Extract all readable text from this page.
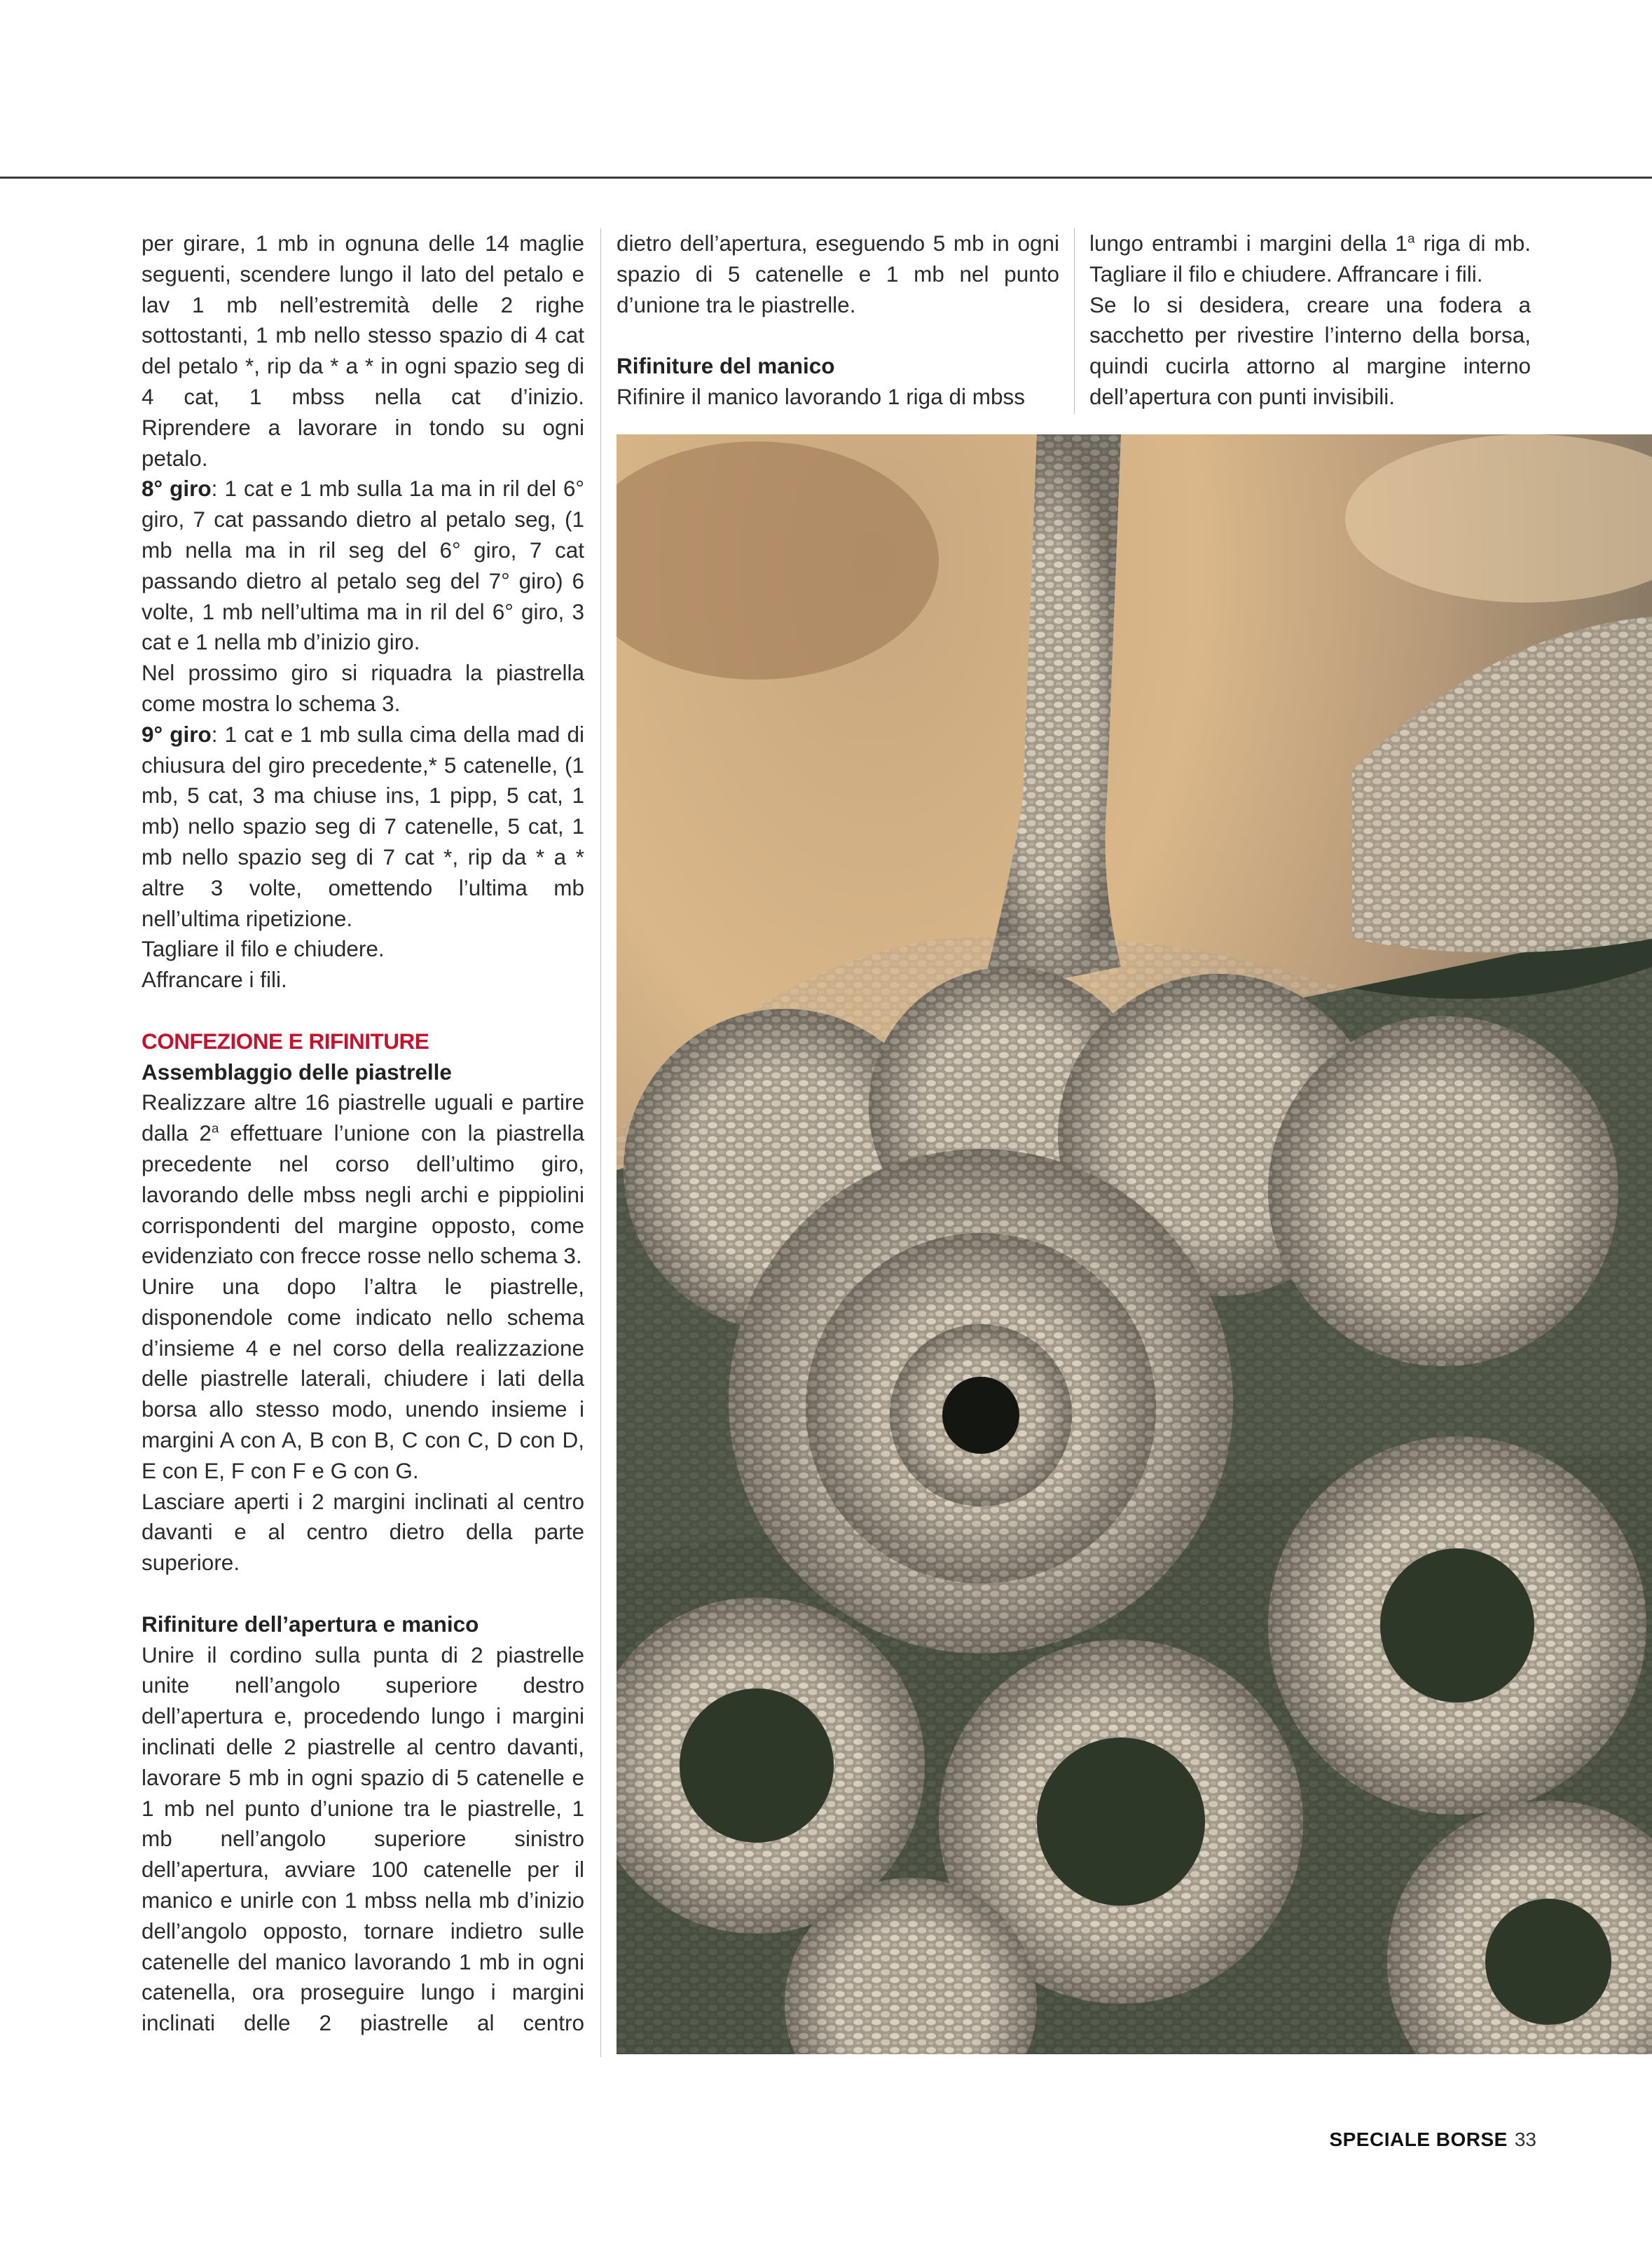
per girare, 1 mb in ognuna delle 14 maglie seguenti, scendere lungo il lato del petalo e lav 1 mb nell’estremità delle 2 righe sottostanti, 1 mb nello stesso spazio di 4 cat del petalo *, rip da * a * in ogni spazio seg di 4 cat, 1 mbss nella cat d’inizio.

Riprendere a lavorare in tondo su ogni petalo.

8° giro: 1 cat e 1 mb sulla 1a ma in ril del 6° giro, 7 cat passando dietro al petalo seg, (1 mb nella ma in ril seg del 6° giro, 7 cat passando dietro al petalo seg del 7° giro) 6 volte, 1 mb nell’ultima ma in ril del 6° giro, 3 cat e 1 nella mb d’inizio giro.

Nel prossimo giro si riquadra la piastrella come mostra lo schema 3.

9° giro: 1 cat e 1 mb sulla cima della mad di chiusura del giro precedente,* 5 catenelle, (1 mb, 5 cat, 3 ma chiuse ins, 1 pipp, 5 cat, 1 mb) nello spazio seg di 7 catenelle, 5 cat, 1 mb nello spazio seg di 7 cat *, rip da * a * altre 3 volte, omettendo l’ultima mb nell’ultima ripetizione.

Tagliare il filo e chiudere.

Affrancare i fili.

CONFEZIONE E RIFINITURE

Assemblaggio delle piastrelle

Realizzare altre 16 piastrelle uguali e partire dalla 2$^a$ effettuare l’unione con la piastrella precedente nel corso dell’ultimo giro, lavorando delle mbss negli archi e pippiolini corrispondenti del margine opposto, come evidenziato con frecce rosse nello schema 3.

Unire una dopo l’altra le piastrelle, disponendole come indicato nello schema d’insieme 4 e nel corso della realizzazione delle piastrelle laterali, chiudere i lati della borsa allo stesso modo, unendo insieme i margini A con A, B con B, C con C, D con D, E con E, F con F e G con G.

Lasciare aperti i 2 margini inclinati al centro davanti e al centro dietro della parte superiore.

Rifiniture dell’apertura e manico

Unire il cordino sulla punta di 2 piastrelle unite nell’angolo superiore destro dell’apertura e, procedendo lungo i margini inclinati delle 2 piastrelle al centro davanti, lavorare 5 mb in ogni spazio di 5 catenelle e 1 mb nel punto d’unione tra le piastrelle, 1 mb nell’angolo superiore sinistro dell’apertura, avviare 100 catenelle per il manico e unirle con 1 mbss nella mb d’inizio dell’angolo opposto, tornare indietro sulle catenelle del manico lavorando 1 mb in ogni catenella, ora proseguire lungo i margini inclinati delle 2 piastrelle al centro

dietro dell’apertura, eseguendo 5 mb in ogni spazio di 5 catenelle e 1 mb nel punto d’unione tra le piastrelle.

Rifiniture del manico

Rifinire il manico lavorando 1 riga di mbss

lungo entrambi i margini della 1$^a$ riga di mb. Tagliare il filo e chiudere. Affrancare i fili.

Se lo si desidera, creare una fodera a sacchetto per rivestire l’interno della borsa, quindi cucirla attorno al margine interno dell’apertura con punti invisibili.

SPECIALE BORSE 33
